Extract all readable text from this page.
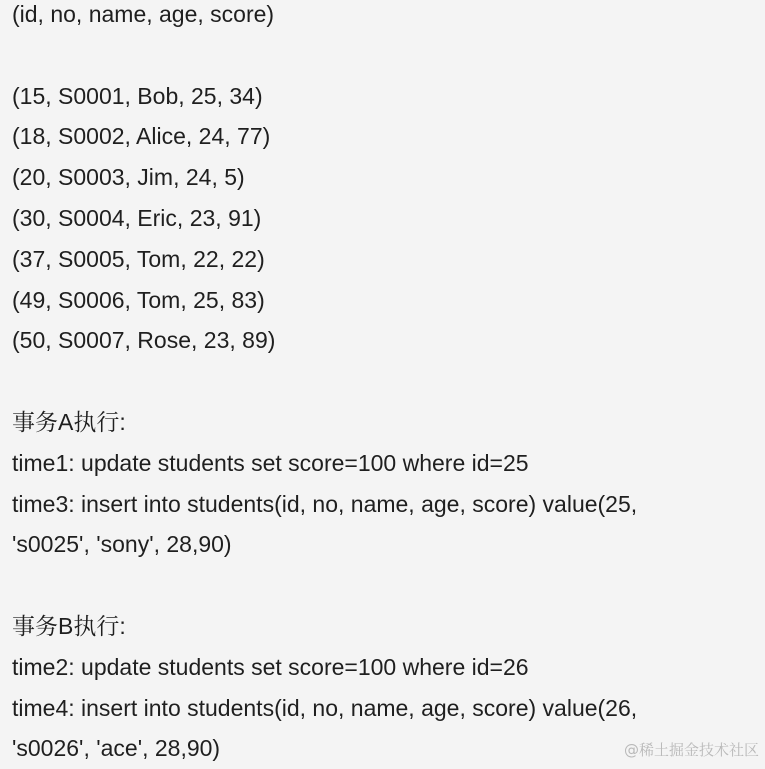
(id, no, name, age, score)
(15, S0001, Bob, 25, 34)
(18, S0002, Alice, 24, 77)
(20, S0003, Jim, 24, 5)
(30, S0004, Eric, 23, 91)
(37, S0005, Tom, 22, 22)
(49, S0006, Tom, 25, 83)
(50, S0007, Rose, 23, 89)
事务A执行:
time1: update students set score=100 where id=25
time3: insert into students(id, no, name, age, score) value(25,
's0025', 'sony', 28,90)
事务B执行:
time2: update students set score=100 where id=26
time4: insert into students(id, no, name, age, score) value(26,
's0026', 'ace', 28,90)	@稀土掘金技术社区
